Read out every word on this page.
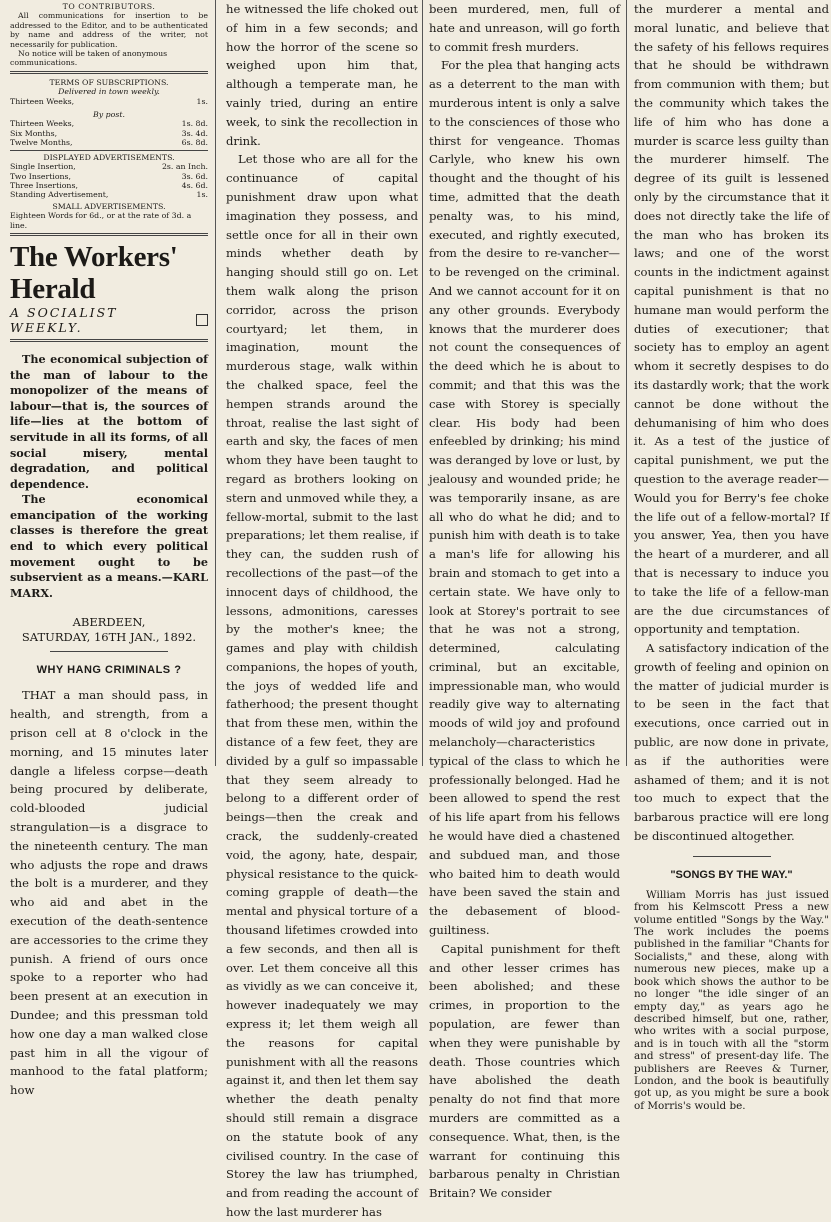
TO CONTRIBUTORS.

All communications for insertion to be addressed to the Editor, and to be authenticated by name and address of the writer, not necessarily for publication.

No notice will be taken of anonymous communications.

TERMS OF SUBSCRIPTIONS.

Delivered in town weekly.

Thirteen Weeks,	1s.

By post.

Thirteen Weeks,	1s. 8d.
Six Months,	3s. 4d.
Twelve Months,	6s. 8d.

DISPLAYED ADVERTISEMENTS.

Single Insertion,	2s. an Inch.
Two Insertions,	3s. 6d.
Three Insertions,	4s. 6d.
Standing Advertisement,	1s.

SMALL ADVERTISEMENTS.

Eighteen Words for 6d., or at the rate of 3d. a line.

The Workers' Herald
A SOCIALIST WEEKLY.

The economical subjection of the man of labour to the monopolizer of the means of labour—that is, the sources of life—lies at the bottom of servitude in all its forms, of all social misery, mental degradation, and political dependence.

The economical emancipation of the working classes is therefore the great end to which every political movement ought to be subservient as a means.—KARL MARX.

ABERDEEN,
SATURDAY, 16TH JAN., 1892.
WHY HANG CRIMINALS ?

THAT a man should pass, in health, and strength, from a prison cell at 8 o'clock in the morning, and 15 minutes later dangle a lifeless corpse—death being procured by deliberate, cold-blooded judicial strangulation—is a disgrace to the nineteenth century. The man who adjusts the rope and draws the bolt is a murderer, and they who aid and abet in the execution of the death-sentence are accessories to the crime they punish. A friend of ours once spoke to a reporter who had been present at an execution in Dundee; and this pressman told how one day a man walked close past him in all the vigour of manhood to the fatal platform; how

he witnessed the life choked out of him in a few seconds; and how the horror of the scene so weighed upon him that, although a temperate man, he vainly tried, during an entire week, to sink the recollection in drink.

Let those who are all for the continuance of capital punishment draw upon what imagination they possess, and settle once for all in their own minds whether death by hanging should still go on. Let them walk along the prison corridor, across the prison courtyard; let them, in imagination, mount the murderous stage, walk within the chalked space, feel the hempen strands around the throat, realise the last sight of earth and sky, the faces of men whom they have been taught to regard as brothers looking on stern and unmoved while they, a fellow-mortal, submit to the last preparations; let them realise, if they can, the sudden rush of recollections of the past—of the innocent days of childhood, the lessons, admonitions, caresses by the mother's knee; the games and play with childish companions, the hopes of youth, the joys of wedded life and fatherhood; the present thought that from these men, within the distance of a few feet, they are divided by a gulf so impassable that they seem already to belong to a different order of beings—then the creak and crack, the suddenly-created void, the agony, hate, despair, physical resistance to the quick-coming grapple of death—the mental and physical torture of a thousand lifetimes crowded into a few seconds, and then all is over. Let them conceive all this as vividly as we can conceive it, however inadequately we may express it; let them weigh all the reasons for capital punishment with all the reasons against it, and then let them say whether the death penalty should still remain a disgrace on the statute book of any civilised country. In the case of Storey the law has triumphed, and from reading the account of how the last murderer has

been murdered, men, full of hate and unreason, will go forth to commit fresh murders.

For the plea that hanging acts as a deterrent to the man with murderous intent is only a salve to the consciences of those who thirst for vengeance. Thomas Carlyle, who knew his own thought and the thought of his time, admitted that the death penalty was, to his mind, executed, and rightly executed, from the desire to re-vancher—to be revenged on the criminal. And we cannot account for it on any other grounds. Everybody knows that the murderer does not count the consequences of the deed which he is about to commit; and that this was the case with Storey is specially clear. His body had been enfeebled by drinking; his mind was deranged by love or lust, by jealousy and wounded pride; he was temporarily insane, as are all who do what he did; and to punish him with death is to take a man's life for allowing his brain and stomach to get into a certain state. We have only to look at Storey's portrait to see that he was not a strong, determined, calculating criminal, but an excitable, impressionable man, who would readily give way to alternating moods of wild joy and profound melancholy—characteristics typical of the class to which he professionally belonged. Had he been allowed to spend the rest of his life apart from his fellows he would have died a chastened and subdued man, and those who baited him to death would have been saved the stain and the debasement of blood-guiltiness.

Capital punishment for theft and other lesser crimes has been abolished; and these crimes, in proportion to the population, are fewer than when they were punishable by death. Those countries which have abolished the death penalty do not find that more murders are committed as a consequence. What, then, is the warrant for continuing this barbarous penalty in Christian Britain? We consider

the murderer a mental and moral lunatic, and believe that the safety of his fellows requires that he should be withdrawn from communion with them; but the community which takes the life of him who has done a murder is scarce less guilty than the murderer himself. The degree of its guilt is lessened only by the circumstance that it does not directly take the life of the man who has broken its laws; and one of the worst counts in the indictment against capital punishment is that no humane man would perform the duties of executioner; that society has to employ an agent whom it secretly despises to do its dastardly work; that the work cannot be done without the dehumanising of him who does it. As a test of the justice of capital punishment, we put the question to the average reader—Would you for Berry's fee choke the life out of a fellow-mortal? If you answer, Yea, then you have the heart of a murderer, and all that is necessary to induce you to take the life of a fellow-man are the due circumstances of opportunity and temptation.

A satisfactory indication of the growth of feeling and opinion on the matter of judicial murder is to be seen in the fact that executions, once carried out in public, are now done in private, as if the authorities were ashamed of them; and it is not too much to expect that the barbarous practice will ere long be discontinued altogether.

"SONGS BY THE WAY."

William Morris has just issued from his Kelmscott Press a new volume entitled "Songs by the Way." The work includes the poems published in the familiar "Chants for Socialists," and these, along with numerous new pieces, make up a book which shows the author to be no longer "the idle singer of an empty day," as years ago he described himself, but one, rather, who writes with a social purpose, and is in touch with all the "storm and stress" of present-day life. The publishers are Reeves & Turner, London, and the book is beautifully got up, as you might be sure a book of Morris's would be.
